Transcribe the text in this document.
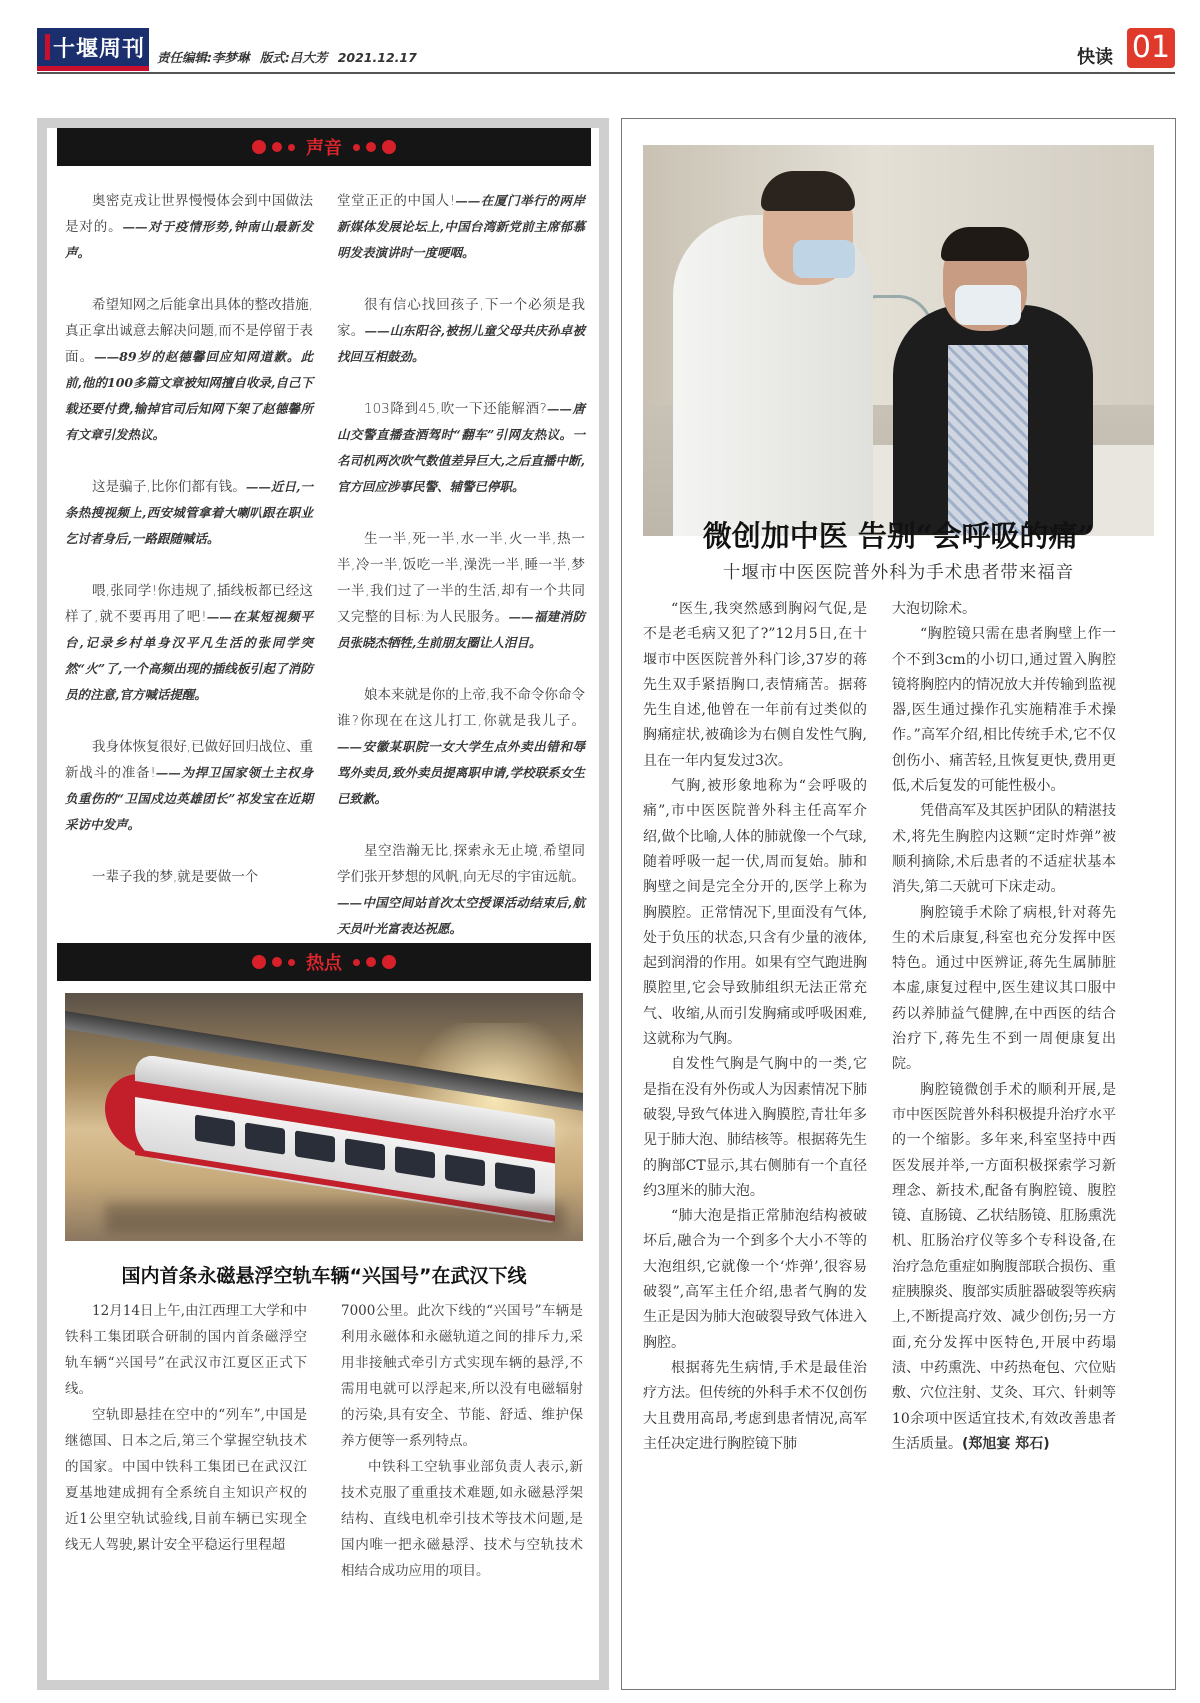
十堰周刊 责任编辑:李梦琳 版式:吕大芳 2021.12.17	快读 01
声音

奥密克戎让世界慢慢体会到中国做法是对的。——对于疫情形势,钟南山最新发声。

希望知网之后能拿出具体的整改措施,真正拿出诚意去解决问题,而不是停留于表面。——89岁的赵德馨回应知网道歉。此前,他的100多篇文章被知网擅自收录,自己下载还要付费,输掉官司后知网下架了赵德馨所有文章引发热议。

这是骗子,比你们都有钱。——近日,一条热搜视频上,西安城管拿着大喇叭跟在职业乞讨者身后,一路跟随喊话。

喂,张同学!你违规了,插线板都已经这样了,就不要再用了吧!——在某短视频平台,记录乡村单身汉平凡生活的张同学突然“火”了,一个高频出现的插线板引起了消防员的注意,官方喊话提醒。

我身体恢复很好,已做好回归战位、重新战斗的准备!——为捍卫国家领土主权身负重伤的“卫国戍边英雄团长”祁发宝在近期采访中发声。

一辈子我的梦,就是要做一个

堂堂正正的中国人!——在厦门举行的两岸新媒体发展论坛上,中国台湾新党前主席郁慕明发表演讲时一度哽咽。

很有信心找回孩子,下一个必须是我家。——山东阳谷,被拐儿童父母共庆孙卓被找回互相鼓劲。

103降到45,吹一下还能解酒?——唐山交警直播查酒驾时“翻车”引网友热议。一名司机两次吹气数值差异巨大,之后直播中断,官方回应涉事民警、辅警已停职。

生一半,死一半,水一半,火一半,热一半,冷一半,饭吃一半,澡洗一半,睡一半,梦一半,我们过了一半的生活,却有一个共同又完整的目标:为人民服务。——福建消防员张晓杰牺牲,生前朋友圈让人泪目。

娘本来就是你的上帝,我不命令你命令谁?你现在在这儿打工,你就是我儿子。——安徽某职院一女大学生点外卖出错和辱骂外卖员,致外卖员提离职申请,学校联系女生已致歉。

星空浩瀚无比,探索永无止境,希望同学们张开梦想的风帆,向无尽的宇宙远航。——中国空间站首次太空授课活动结束后,航天员叶光富表达祝愿。

热点
国内首条永磁悬浮空轨车辆“兴国号”在武汉下线

12月14日上午,由江西理工大学和中铁科工集团联合研制的国内首条磁浮空轨车辆“兴国号”在武汉市江夏区正式下线。

空轨即悬挂在空中的“列车”,中国是继德国、日本之后,第三个掌握空轨技术的国家。中国中铁科工集团已在武汉江夏基地建成拥有全系统自主知识产权的近1公里空轨试验线,目前车辆已实现全线无人驾驶,累计安全平稳运行里程超

7000公里。此次下线的“兴国号”车辆是利用永磁体和永磁轨道之间的排斥力,采用非接触式牵引方式实现车辆的悬浮,不需用电就可以浮起来,所以没有电磁辐射的污染,具有安全、节能、舒适、维护保养方便等一系列特点。

中铁科工空轨事业部负责人表示,新技术克服了重重技术难题,如永磁悬浮架结构、直线电机牵引技术等技术问题,是国内唯一把永磁悬浮、技术与空轨技术相结合成功应用的项目。

微创加中医 告别“会呼吸的痛”
十堰市中医医院普外科为手术患者带来福音

“医生,我突然感到胸闷气促,是不是老毛病又犯了?”12月5日,在十堰市中医医院普外科门诊,37岁的蒋先生双手紧捂胸口,表情痛苦。据蒋先生自述,他曾在一年前有过类似的胸痛症状,被确诊为右侧自发性气胸,且在一年内复发过3次。

气胸,被形象地称为“会呼吸的痛”,市中医医院普外科主任高军介绍,做个比喻,人体的肺就像一个气球,随着呼吸一起一伏,周而复始。肺和胸壁之间是完全分开的,医学上称为胸膜腔。正常情况下,里面没有气体,处于负压的状态,只含有少量的液体,起到润滑的作用。如果有空气跑进胸膜腔里,它会导致肺组织无法正常充气、收缩,从而引发胸痛或呼吸困难,这就称为气胸。

自发性气胸是气胸中的一类,它是指在没有外伤或人为因素情况下肺破裂,导致气体进入胸膜腔,青壮年多见于肺大泡、肺结核等。根据蒋先生的胸部CT显示,其右侧肺有一个直径约3厘米的肺大泡。

“肺大泡是指正常肺泡结构被破坏后,融合为一个到多个大小不等的大泡组织,它就像一个‘炸弹’,很容易破裂”,高军主任介绍,患者气胸的发生正是因为肺大泡破裂导致气体进入胸腔。

根据蒋先生病情,手术是最佳治疗方法。但传统的外科手术不仅创伤大且费用高昂,考虑到患者情况,高军主任决定进行胸腔镜下肺

大泡切除术。

“胸腔镜只需在患者胸壁上作一个不到3cm的小切口,通过置入胸腔镜将胸腔内的情况放大并传输到监视器,医生通过操作孔实施精准手术操作。”高军介绍,相比传统手术,它不仅创伤小、痛苦轻,且恢复更快,费用更低,术后复发的可能性极小。

凭借高军及其医护团队的精湛技术,将先生胸腔内这颗“定时炸弹”被顺利摘除,术后患者的不适症状基本消失,第二天就可下床走动。

胸腔镜手术除了病根,针对蒋先生的术后康复,科室也充分发挥中医特色。通过中医辨证,蒋先生属肺脏本虚,康复过程中,医生建议其口服中药以养肺益气健脾,在中西医的结合治疗下,蒋先生不到一周便康复出院。

胸腔镜微创手术的顺利开展,是市中医医院普外科积极提升治疗水平的一个缩影。多年来,科室坚持中西医发展并举,一方面积极探索学习新理念、新技术,配备有胸腔镜、腹腔镜、直肠镜、乙状结肠镜、肛肠熏洗机、肛肠治疗仪等多个专科设备,在治疗急危重症如胸腹部联合损伤、重症胰腺炎、腹部实质脏器破裂等疾病上,不断提高疗效、减少创伤;另一方面,充分发挥中医特色,开展中药塌渍、中药熏洗、中药热奄包、穴位贴敷、穴位注射、艾灸、耳穴、针刺等10余项中医适宜技术,有效改善患者生活质量。(郑旭宴 郑石)
